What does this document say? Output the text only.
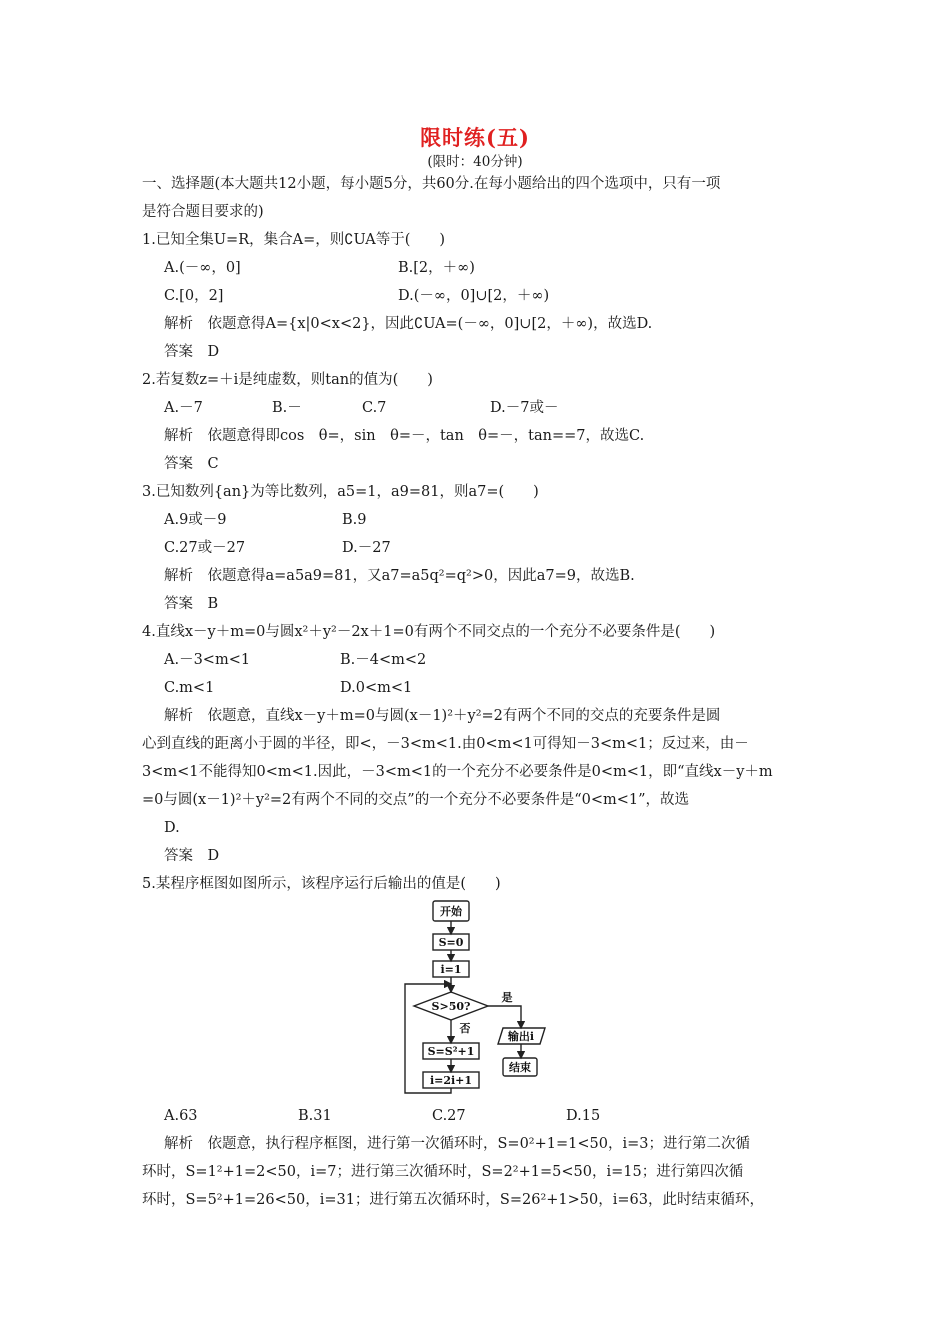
限时练(五)
(限时：40分钟)
一、选择题(本大题共12小题，每小题5分，共60分.在每小题给出的四个选项中，只有一项
是符合题目要求的)
1.已知全集U=R，集合A=，则∁UA等于(　　)
A.(－∞，0]	B.[2，＋∞)
C.[0，2]	D.(－∞，0]∪[2，＋∞)
解析　依题意得A={x|0<x<2}，因此∁UA=(－∞，0]∪[2，＋∞)，故选D.
答案　D
2.若复数z=＋i是纯虚数，则tan的值为(　　)
A.－7	B.－	C.7	D.－7或－
解析　依题意得即cos　θ=，sin　θ=－，tan　θ=－，tan==7，故选C.
答案　C
3.已知数列{an}为等比数列，a5=1，a9=81，则a7=(　　)
A.9或－9	B.9
C.27或－27	D.－27
解析　依题意得a=a5a9=81，又a7=a5q²=q²>0，因此a7=9，故选B.
答案　B
4.直线x－y＋m=0与圆x²＋y²－2x＋1=0有两个不同交点的一个充分不必要条件是(　　)
A.－3<m<1	B.－4<m<2
C.m<1	D.0<m<1
解析　依题意，直线x－y＋m=0与圆(x－1)²＋y²=2有两个不同的交点的充要条件是圆
心到直线的距离小于圆的半径，即<，－3<m<1.由0<m<1可得知－3<m<1；反过来，由－
3<m<1不能得知0<m<1.因此，－3<m<1的一个充分不必要条件是0<m<1，即“直线x－y＋m
=0与圆(x－1)²＋y²=2有两个不同的交点”的一个充分不必要条件是“0<m<1”，故选
D.
答案　D
5.某程序框图如图所示，该程序运行后输出的值是(　　)
开始
S=0
i=1
S>50?
是
否
输出i
结束
S=S²+1
i=2i+1
A.63	B.31	C.27	D.15
解析　依题意，执行程序框图，进行第一次循环时，S=0²+1=1<50，i=3；进行第二次循
环时，S=1²+1=2<50，i=7；进行第三次循环时，S=2²+1=5<50，i=15；进行第四次循
环时，S=5²+1=26<50，i=31；进行第五次循环时，S=26²+1>50，i=63，此时结束循环，
